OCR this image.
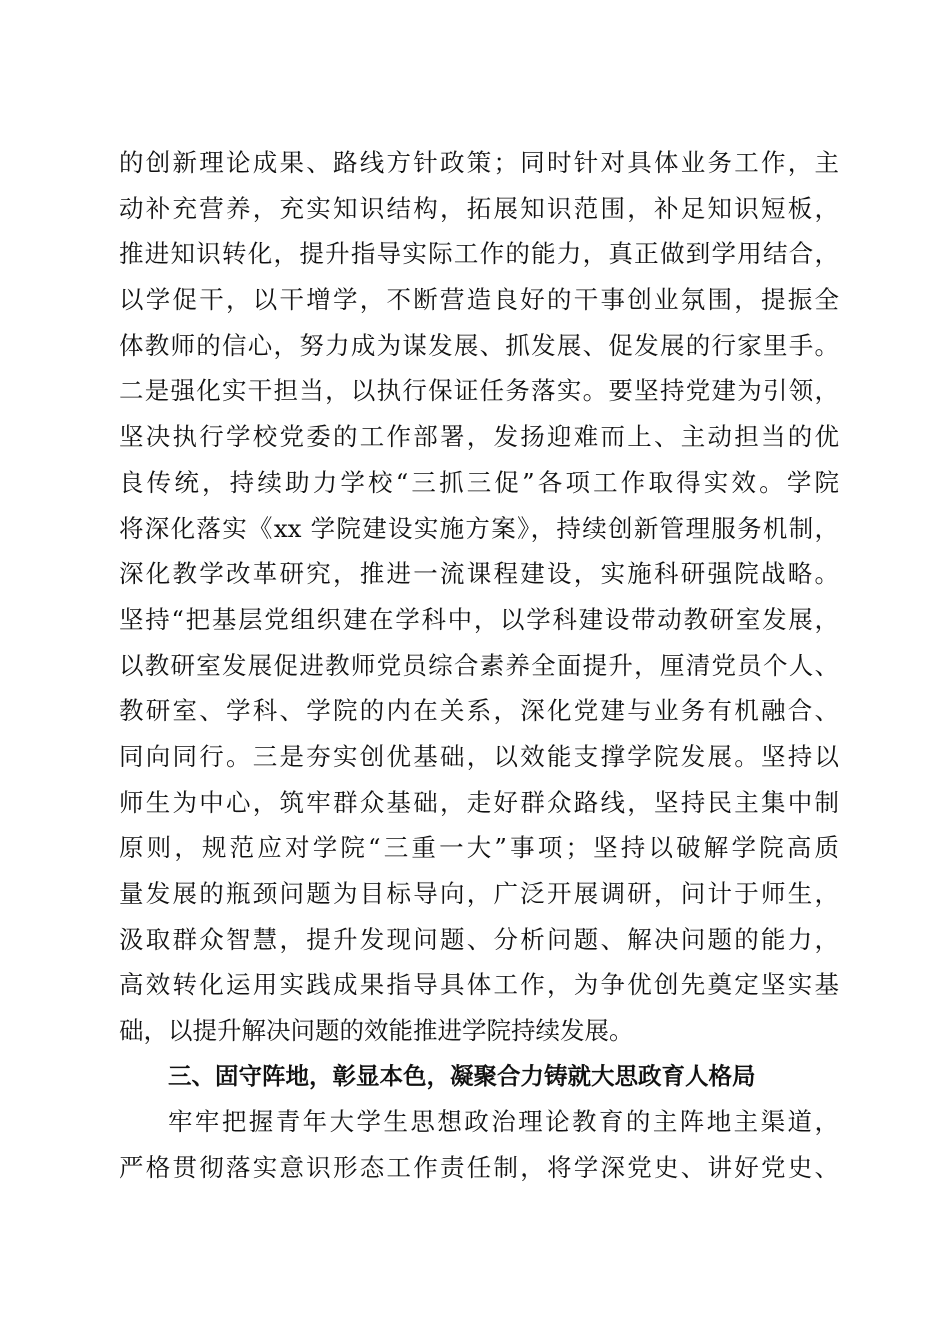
的创新理论成果、路线方针政策；同时针对具体业务工作，主
动补充营养，充实知识结构，拓展知识范围，补足知识短板，
推进知识转化，提升指导实际工作的能力，真正做到学用结合，
以学促干，以干增学，不断营造良好的干事创业氛围，提振全
体教师的信心，努力成为谋发展、抓发展、促发展的行家里手。
二是强化实干担当，以执行保证任务落实。要坚持党建为引领，
坚决执行学校党委的工作部署，发扬迎难而上、主动担当的优
良传统，持续助力学校“三抓三促”各项工作取得实效。学院
将深化落实《xx 学院建设实施方案》，持续创新管理服务机制，
深化教学改革研究，推进一流课程建设，实施科研强院战略。
坚持“把基层党组织建在学科中，以学科建设带动教研室发展，
以教研室发展促进教师党员综合素养全面提升，厘清党员个人、
教研室、学科、学院的内在关系，深化党建与业务有机融合、
同向同行。三是夯实创优基础，以效能支撑学院发展。坚持以
师生为中心，筑牢群众基础，走好群众路线，坚持民主集中制
原则，规范应对学院“三重一大”事项；坚持以破解学院高质
量发展的瓶颈问题为目标导向，广泛开展调研，问计于师生，
汲取群众智慧，提升发现问题、分析问题、解决问题的能力，
高效转化运用实践成果指导具体工作，为争优创先奠定坚实基
础，以提升解决问题的效能推进学院持续发展。
三、固守阵地，彰显本色，凝聚合力铸就大思政育人格局
牢牢把握青年大学生思想政治理论教育的主阵地主渠道，
严格贯彻落实意识形态工作责任制，将学深党史、讲好党史、
